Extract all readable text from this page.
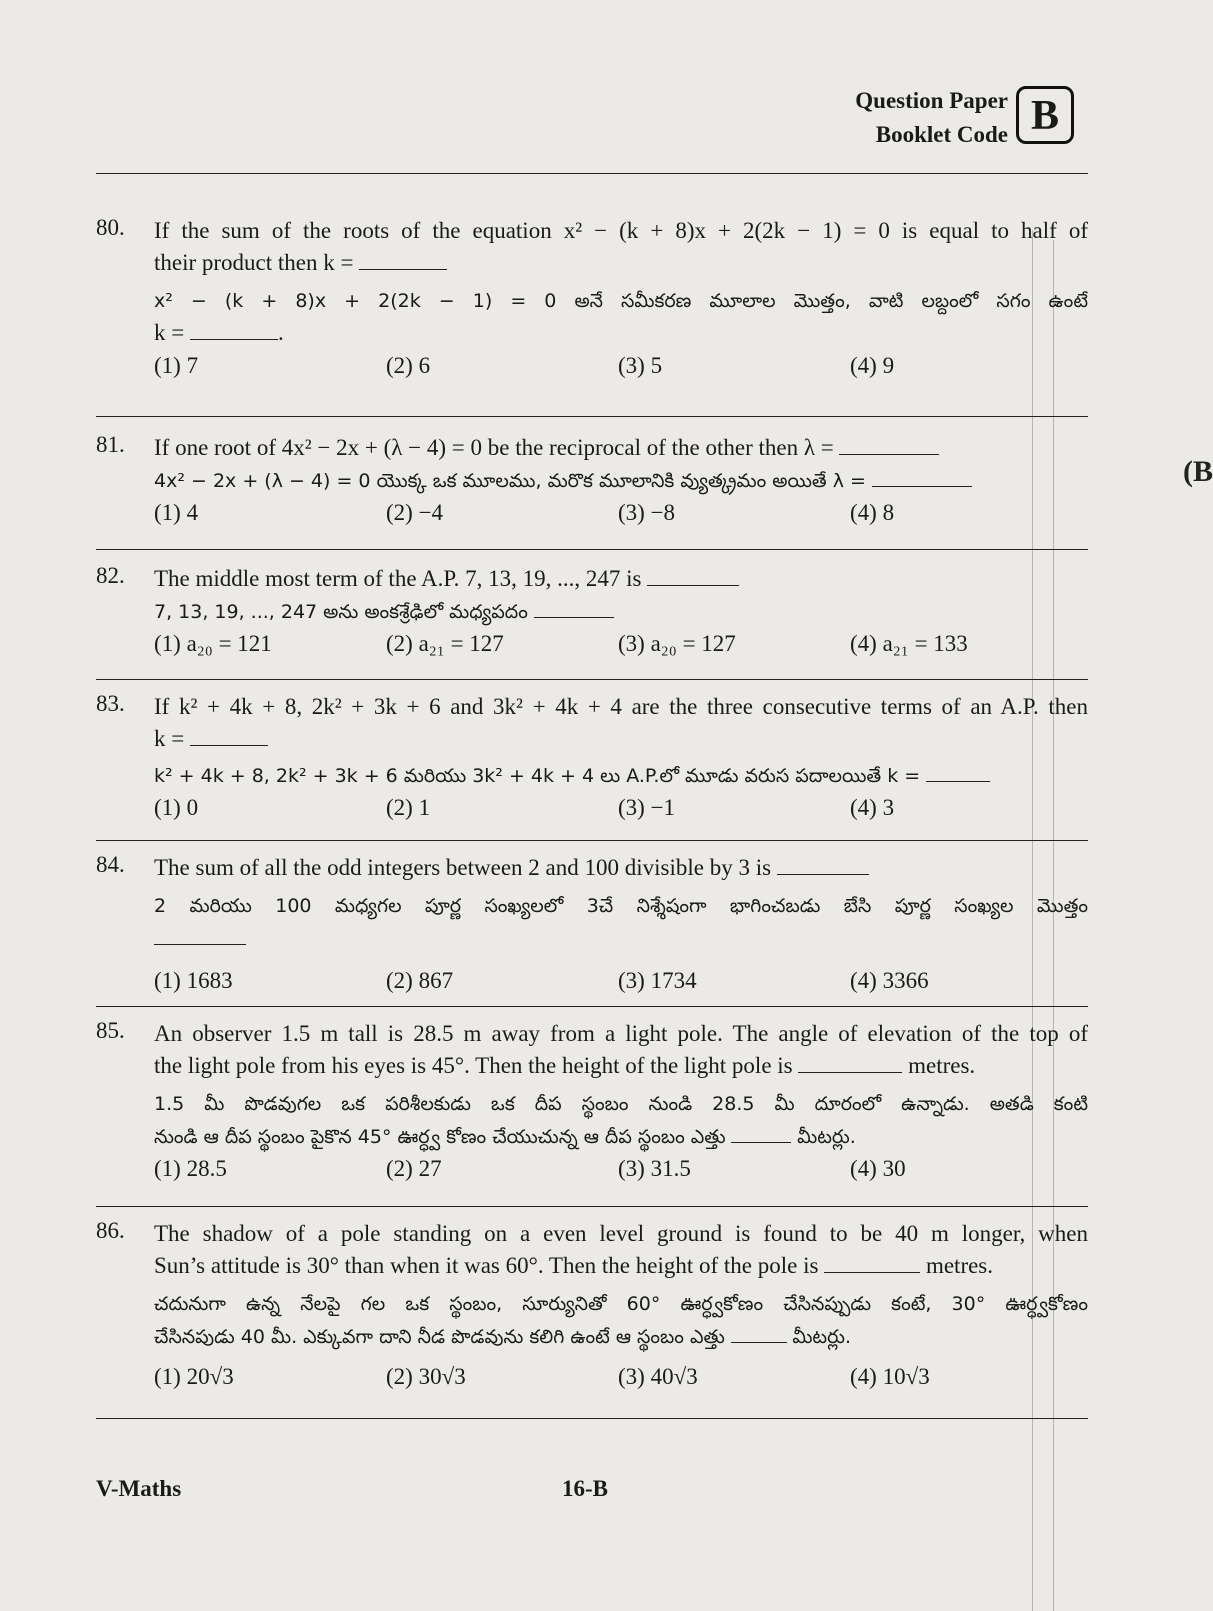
Question Paper
Booklet Code B
(B
80.	If the sum of the roots of the equation x² − (k + 8)x + 2(2k − 1) = 0 is equal to half of
their product then k =
x² − (k + 8)x + 2(2k − 1) = 0 అనే సమీకరణ మూలాల మొత్తం, వాటి లబ్దంలో సగం ఉంటే
k =	.
(1) 7	(2) 6	(3) 5	(4) 9
81.	If one root of 4x² − 2x + (λ − 4) = 0 be the reciprocal of the other then λ =
4x² − 2x + (λ − 4) = 0 యొక్క ఒక మూలము, మరొక మూలానికి వ్యుత్క్రమం అయితే λ =
(1) 4	(2) −4	(3) −8	(4) 8
82.	The middle most term of the A.P. 7, 13, 19, ..., 247 is
7, 13, 19, ..., 247 అను అంకశ్రేఢిలో మధ్యపదం
(1) a₂₀ = 121	(2) a₂₁ = 127	(3) a₂₀ = 127	(4) a₂₁ = 133
83.	If k² + 4k + 8, 2k² + 3k + 6 and 3k² + 4k + 4 are the three consecutive terms of an A.P. then
k =
k² + 4k + 8, 2k² + 3k + 6 మరియు 3k² + 4k + 4 లు A.P.లో మూడు వరుస పదాలయితే k =
(1) 0	(2) 1	(3) −1	(4) 3
84.	The sum of all the odd integers between 2 and 100 divisible by 3 is
2 మరియు 100 మధ్యగల పూర్ణ సంఖ్యలలో 3చే నిశ్శేషంగా భాగించబడు బేసి పూర్ణ సంఖ్యల మొత్తం
(1) 1683	(2) 867	(3) 1734	(4) 3366
85.	An observer 1.5 m tall is 28.5 m away from a light pole. The angle of elevation of the top of
the light pole from his eyes is 45°. Then the height of the light pole is	metres.
1.5 మీ పొడవుగల ఒక పరిశీలకుడు ఒక దీప స్థంబం నుండి 28.5 మీ దూరంలో ఉన్నాడు. అతడి కంటి
నుండి ఆ దీప స్థంబం పైకొన 45° ఊర్ధ్వ కోణం చేయుచున్న ఆ దీప స్థంబం ఎత్తు	మీటర్లు.
(1) 28.5	(2) 27	(3) 31.5	(4) 30
86.	The shadow of a pole standing on a even level ground is found to be 40 m longer, when
Sun’s attitude is 30° than when it was 60°. Then the height of the pole is	metres.
చదునుగా ఉన్న నేలపై గల ఒక స్థంబం, సూర్యునితో 60° ఊర్ధ్వకోణం చేసినప్పుడు కంటే, 30° ఊర్ధ్వకోణం
చేసినపుడు 40 మీ. ఎక్కువగా దాని నీడ పొడవును కలిగి ఉంటే ఆ స్థంబం ఎత్తు	మీటర్లు.
(1) 20√3	(2) 30√3	(3) 40√3	(4) 10√3
V-Maths	16-B
